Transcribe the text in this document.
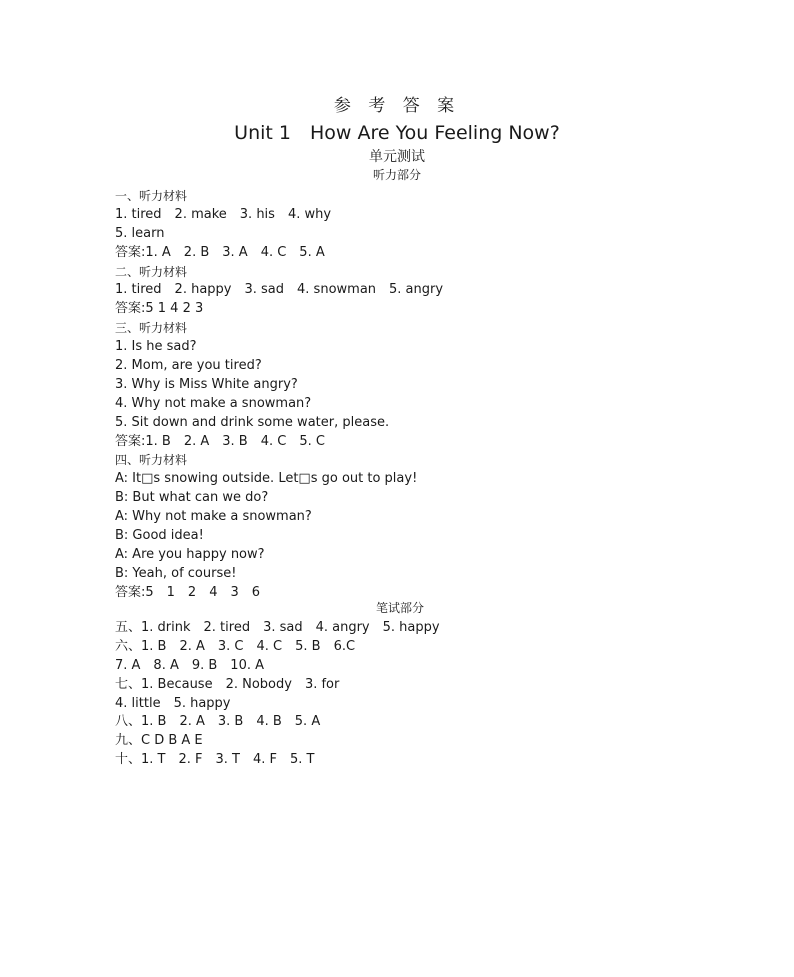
参 考 答 案
Unit 1　How Are You Feeling Now?
单元测试
听力部分
一、听力材料
1. tired　2. make　3. his　4. why
5. learn
答案:1. A　2. B　3. A　4. C　5. A
二、听力材料
1. tired　2. happy　3. sad　4. snowman　5. angry
答案:5 1 4 2 3
三、听力材料
1. Is he sad?
2. Mom, are you tired?
3. Why is Miss White angry?
4. Why not make a snowman?
5. Sit down and drink some water, please.
答案:1. B　2. A　3. B　4. C　5. C
四、听力材料
A: It□s snowing outside. Let□s go out to play!
B: But what can we do?
A: Why not make a snowman?
B: Good idea!
A: Are you happy now?
B: Yeah, of course!
答案:5　1　2　4　3　6
笔试部分
五、1. drink　2. tired　3. sad　4. angry　5. happy
六、1. B　2. A　3. C　4. C　5. B　6.C
7. A　8. A　9. B　10. A
七、1. Because　2. Nobody　3. for
4. little　5. happy
八、1. B　2. A　3. B　4. B　5. A
九、C D B A E
十、1. T　2. F　3. T　4. F　5. T
